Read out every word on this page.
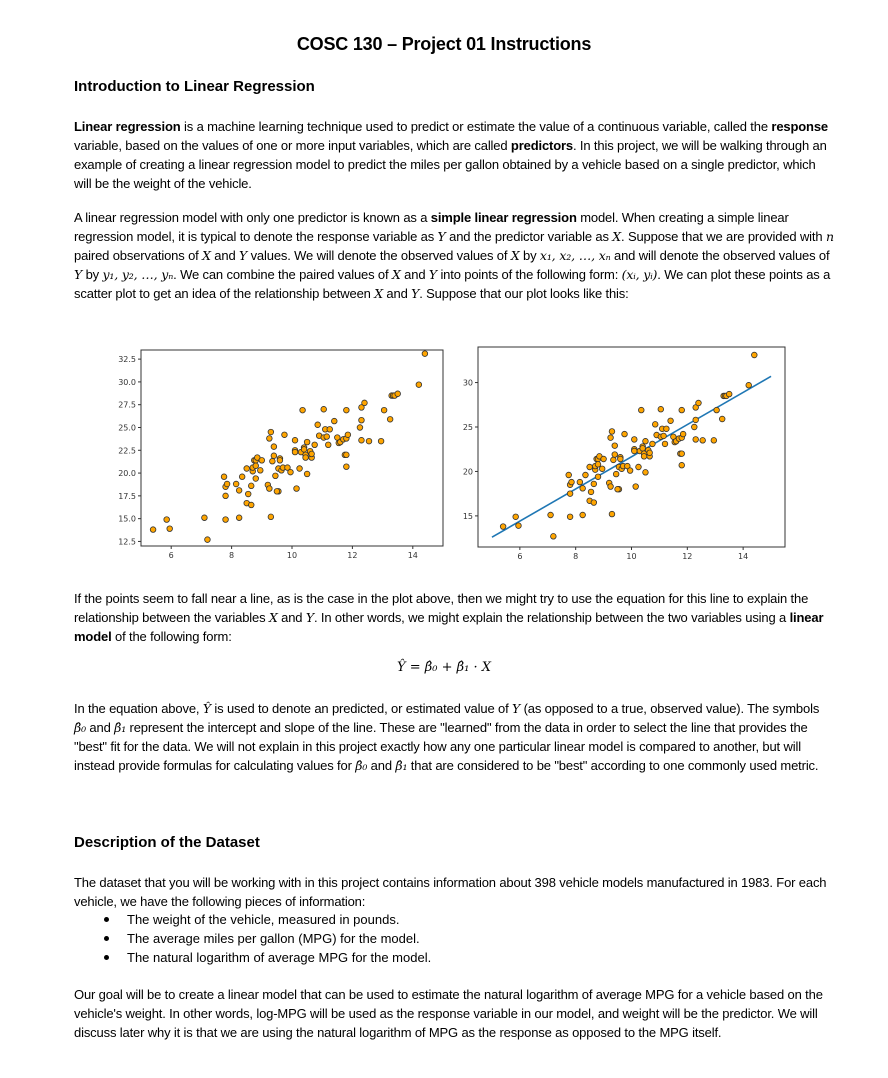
COSC 130 – Project 01 Instructions
Introduction to Linear Regression
Linear regression is a machine learning technique used to predict or estimate the value of a continuous variable, called the response variable, based on the values of one or more input variables, which are called predictors. In this project, we will be walking through an example of creating a linear regression model to predict the miles per gallon obtained by a vehicle based on a single predictor, which will be the weight of the vehicle.
A linear regression model with only one predictor is known as a simple linear regression model. When creating a simple linear regression model, it is typical to denote the response variable as Y and the predictor variable as X. Suppose that we are provided with n paired observations of X and Y values. We will denote the observed values of X by x₁, x₂, …, xₙ and will denote the observed values of Y by y₁, y₂, …, yₙ. We can combine the paired values of X and Y into points of the following form: (xᵢ, yᵢ). We can plot these points as a scatter plot to get an idea of the relationship between X and Y. Suppose that our plot looks like this:
6	8	10	12	14
12.5
15.0
17.5
20.0
22.5
25.0
27.5
30.0
32.5
6	8	10	12	14
15
20
25
30
If the points seem to fall near a line, as is the case in the plot above, then we might try to use the equation for this line to explain the relationship between the variables X and Y. In other words, we might explain the relationship between the two variables using a linear model of the following form:
Ŷ = β̂₀ + β̂₁ · X
In the equation above, Ŷ is used to denote an predicted, or estimated value of Y (as opposed to a true, observed value). The symbols β̂₀ and β̂₁ represent the intercept and slope of the line. These are "learned" from the data in order to select the line that provides the "best" fit for the data. We will not explain in this project exactly how any one particular linear model is compared to another, but will instead provide formulas for calculating values for β̂₀ and β̂₁ that are considered to be "best" according to one commonly used metric.
Description of the Dataset
The dataset that you will be working with in this project contains information about 398 vehicle models manufactured in 1983. For each vehicle, we have the following pieces of information:
The weight of the vehicle, measured in pounds.
The average miles per gallon (MPG) for the model.
The natural logarithm of average MPG for the model.
Our goal will be to create a linear model that can be used to estimate the natural logarithm of average MPG for a vehicle based on the vehicle's weight. In other words, log-MPG will be used as the response variable in our model, and weight will be the predictor. We will discuss later why it is that we are using the natural logarithm of MPG as the response as opposed to the MPG itself.
